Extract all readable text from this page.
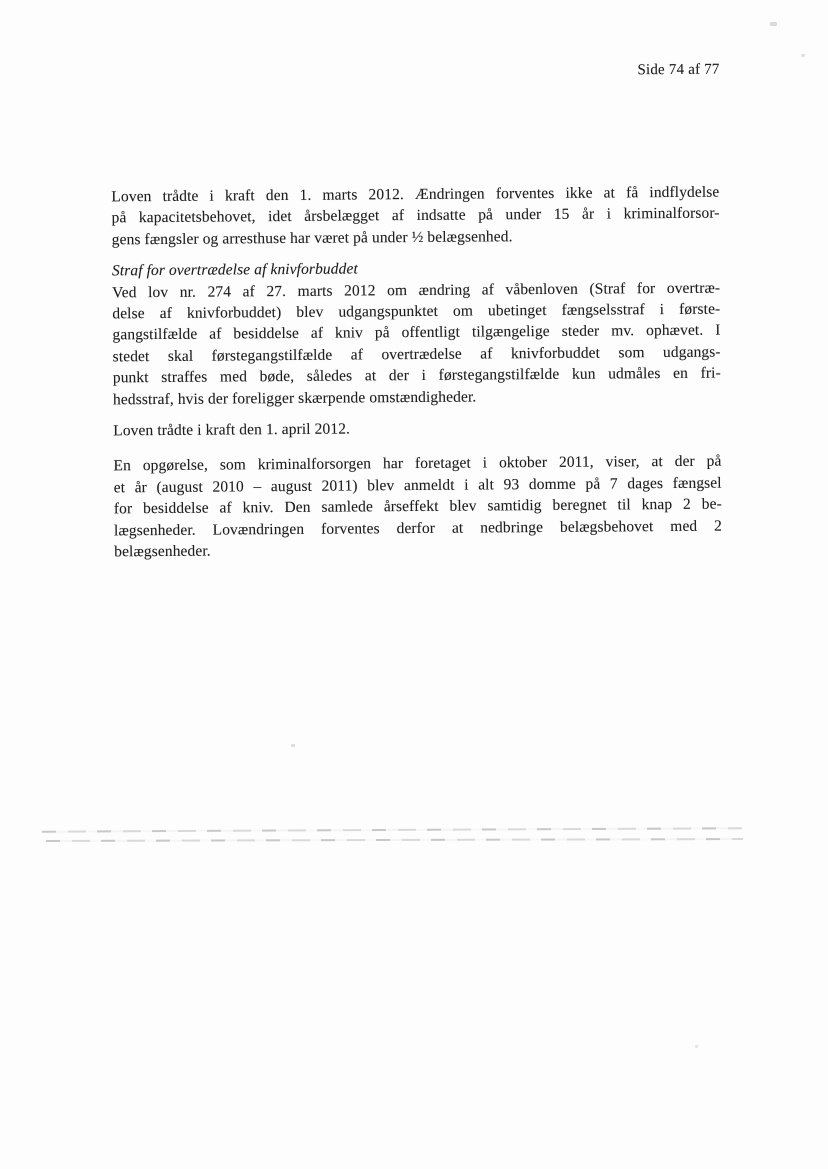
Side 74 af 77
Loven trådte i kraft den 1. marts 2012. Ændringen forventes ikke at få indflydelse
på kapacitetsbehovet, idet årsbelægget af indsatte på under 15 år i kriminalforsor-
gens fængsler og arresthuse har været på under ½ belægsenhed.
Straf for overtrædelse af knivforbuddet
Ved lov nr. 274 af 27. marts 2012 om ændring af våbenloven (Straf for overtræ-
delse af knivforbuddet) blev udgangspunktet om ubetinget fængselsstraf i første-
gangstilfælde af besiddelse af kniv på offentligt tilgængelige steder mv. ophævet. I
stedet skal førstegangstilfælde af overtrædelse af knivforbuddet som udgangs-
punkt straffes med bøde, således at der i førstegangstilfælde kun udmåles en fri-
hedsstraf, hvis der foreligger skærpende omstændigheder.
Loven trådte i kraft den 1. april 2012.
En opgørelse, som kriminalforsorgen har foretaget i oktober 2011, viser, at der på
et år (august 2010 – august 2011) blev anmeldt i alt 93 domme på 7 dages fængsel
for besiddelse af kniv. Den samlede årseffekt blev samtidig beregnet til knap 2 be-
lægsenheder. Lovændringen forventes derfor at nedbringe belægsbehovet med 2
belægsenheder.
